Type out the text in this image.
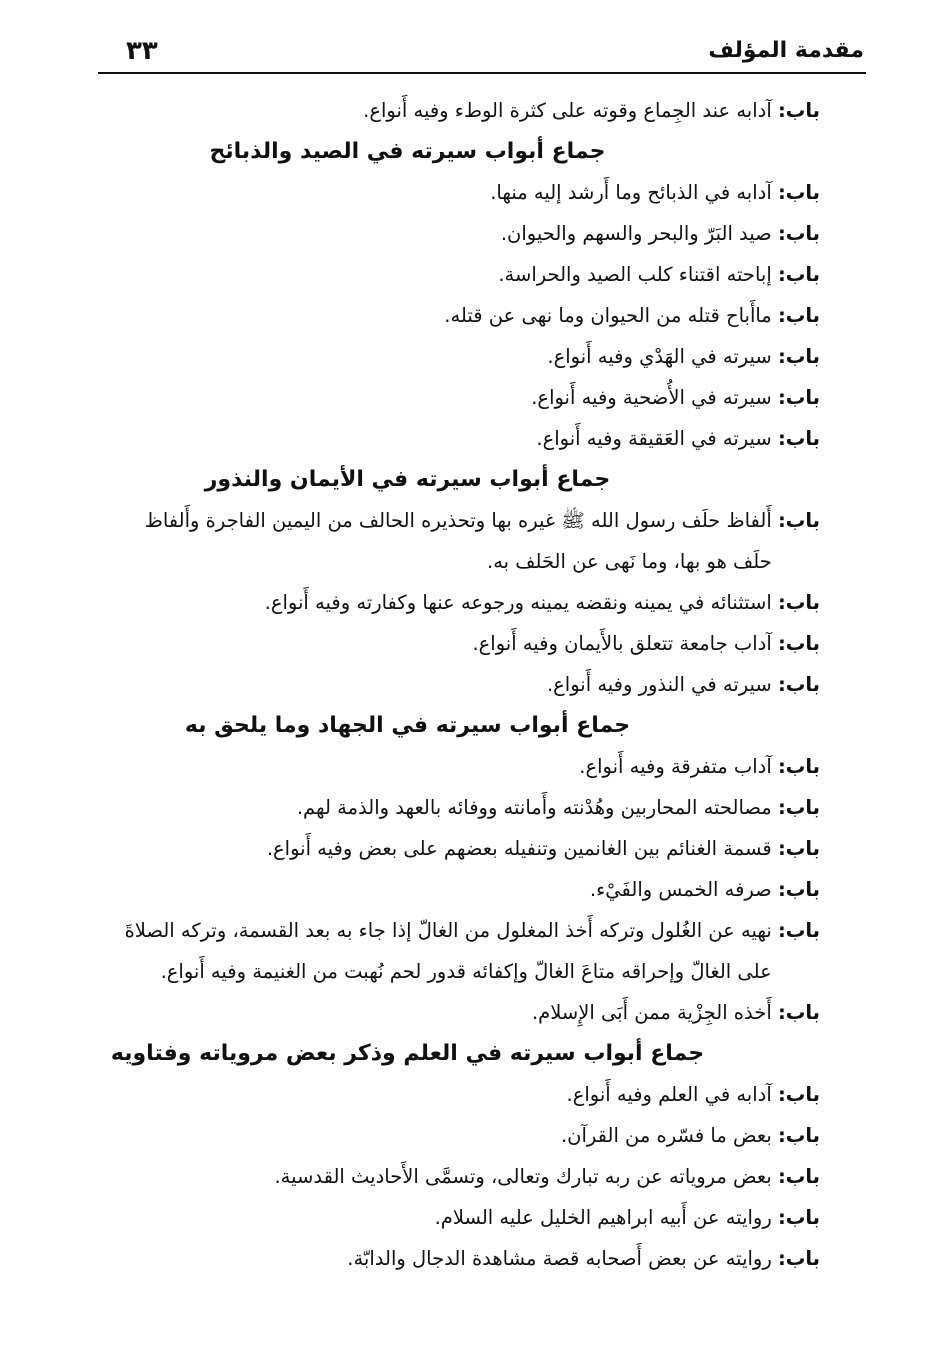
مقدمة المؤلف
٣٣
باب:

آدابه عند الجِماع وقوته على كثرة الوطء وفيه أَنواع.
جماع أبواب سيرته في الصيد والذبائح
باب:

آدابه في الذبائح وما أَرشد إليه منها.
باب:

صيد البَرّ والبحر والسهم والحيوان.
باب:

إباحته اقتناء كلب الصيد والحراسة.
باب:

ماأَباح قتله من الحيوان وما نهى عن قتله.
باب:

سيرته في الهَدْي وفيه أَنواع.
باب:

سيرته في الأُضحية وفيه أَنواع.
باب:

سيرته في العَقيقة وفيه أَنواع.
جماع أبواب سيرته في الأيمان والنذور
باب:

أَلفاظ حلَف رسول الله ﷺ غيره بها وتحذيره الحالف من اليمين الفاجرة وأَلفاظ حلَف هو بها، وما نَهى عن الحَلف به.
باب:

استثنائه في يمينه ونقضه يمينه ورجوعه عنها وكفارته وفيه أَنواع.
باب:

آداب جامعة تتعلق بالأَيمان وفيه أَنواع.
باب:

سيرته في النذور وفيه أَنواع.
جماع أبواب سيرته في الجهاد وما يلحق به
باب:

آداب متفرقة وفيه أَنواع.
باب:

مصالحته المحاربين وهُدْنته وأَمانته ووفائه بالعهد والذمة لهم.
باب:

قسمة الغنائم بين الغانمين وتنفيله بعضهم على بعض وفيه أَنواع.
باب:

صرفه الخمس والفَيْء.
باب:

نهيه عن الغُلول وتركه أَخذ المغلول من الغالّ إذا جاء به بعد القسمة، وتركه الصلاةَ على الغالّ وإحراقه متاعَ الغالّ وإكفائه قدور لحم نُهبت من الغنيمة وفيه أَنواع.
باب:

أَخذه الجِزْية ممن أَبَى الإِسلام.
جماع أبواب سيرته في العلم وذكر بعض مروياته وفتاويه
باب:

آدابه في العلم وفيه أَنواع.
باب:

بعض ما فسّره من القرآن.
باب:

بعض مروياته عن ربه تبارك وتعالى، وتسمَّى الأَحاديث القدسية.
باب:

روايته عن أَبيه ابراهيم الخليل عليه السلام.
باب:

روايته عن بعض أَصحابه قصة مشاهدة الدجال والدابّة.
